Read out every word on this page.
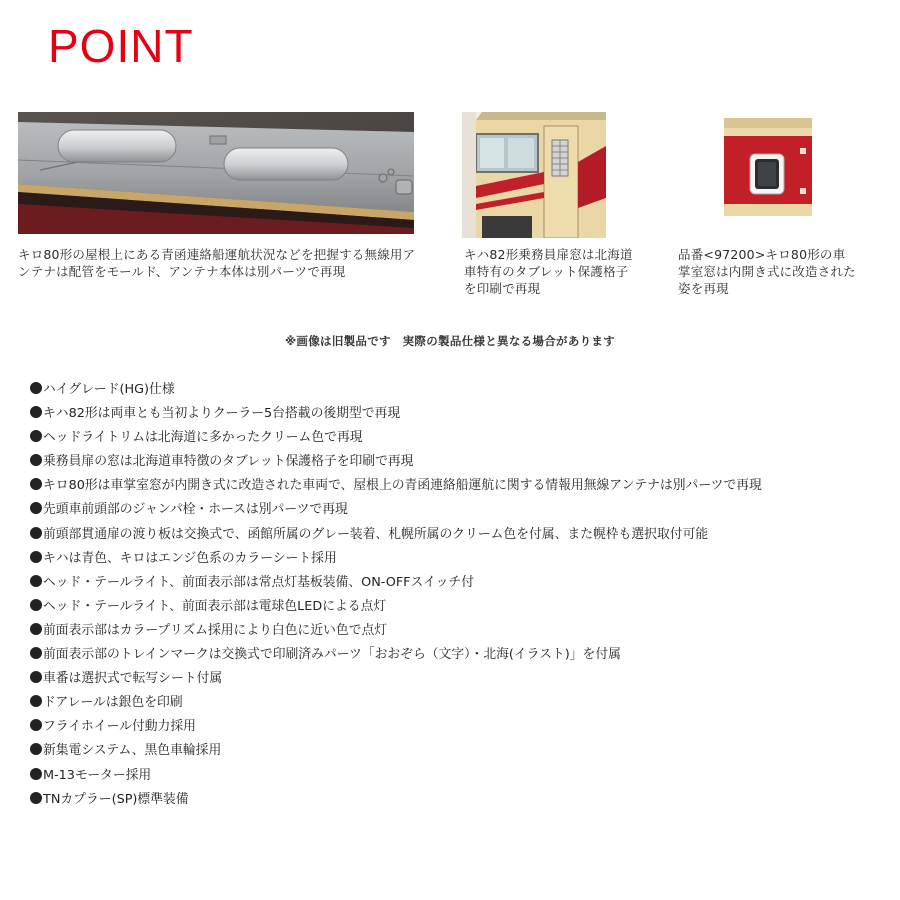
POINT
キロ80形の屋根上にある青函連絡船運航状況などを把握する無線用アンテナは配管をモールド、アンテナ本体は別パーツで再現
キハ82形乗務員扉窓は北海道車特有のタブレット保護格子を印刷で再現
品番<97200>キロ80形の車掌室窓は内開き式に改造された姿を再現
※画像は旧製品です　実際の製品仕様と異なる場合があります
ハイグレード(HG)仕様
キハ82形は両車とも当初よりクーラー5台搭載の後期型で再現
ヘッドライトリムは北海道に多かったクリーム色で再現
乗務員扉の窓は北海道車特徴のタブレット保護格子を印刷で再現
キロ80形は車掌室窓が内開き式に改造された車両で、屋根上の青函連絡船運航に関する情報用無線アンテナは別パーツで再現
先頭車前頭部のジャンパ栓・ホースは別パーツで再現
前頭部貫通扉の渡り板は交換式で、函館所属のグレー装着、札幌所属のクリーム色を付属、また幌枠も選択取付可能
キハは青色、キロはエンジ色系のカラーシート採用
ヘッド・テールライト、前面表示部は常点灯基板装備、ON-OFFスイッチ付
ヘッド・テールライト、前面表示部は電球色LEDによる点灯
前面表示部はカラープリズム採用により白色に近い色で点灯
前面表示部のトレインマークは交換式で印刷済みパーツ「おおぞら（文字）・北海(イラスト)」を付属
車番は選択式で転写シート付属
ドアレールは銀色を印刷
フライホイール付動力採用
新集電システム、黒色車輪採用
M-13モーター採用
TNカプラー(SP)標準装備
